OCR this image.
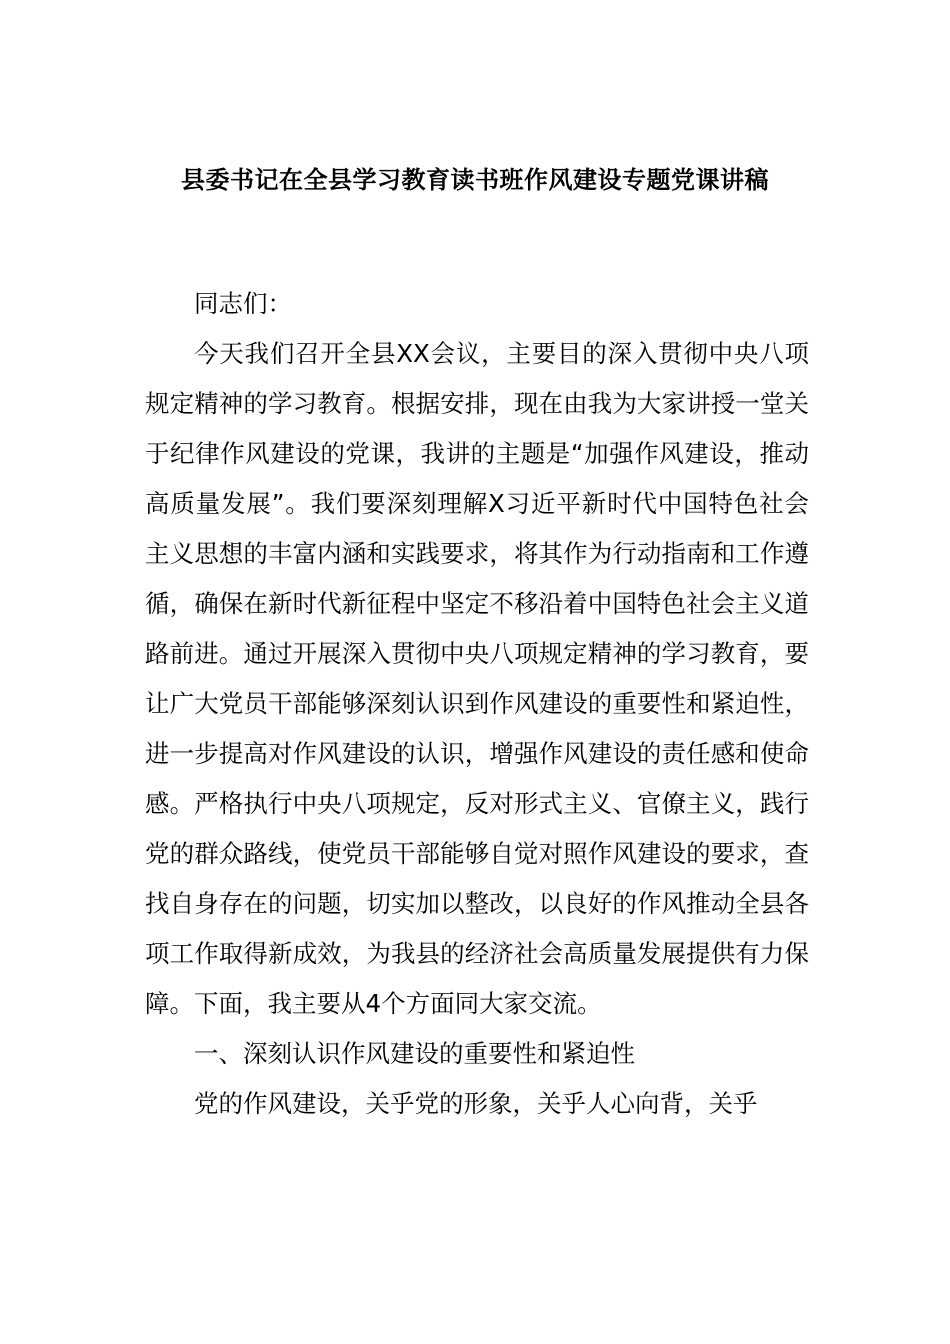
县委书记在全县学习教育读书班作风建设专题党课讲稿

同志们：

今天我们召开全县XX会议，主要目的深入贯彻中央八项规定精神的学习教育。根据安排，现在由我为大家讲授一堂关于纪律作风建设的党课，我讲的主题是“加强作风建设，推动高质量发展”。我们要深刻理解X习近平新时代中国特色社会主义思想的丰富内涵和实践要求，将其作为行动指南和工作遵循，确保在新时代新征程中坚定不移沿着中国特色社会主义道路前进。通过开展深入贯彻中央八项规定精神的学习教育，要让广大党员干部能够深刻认识到作风建设的重要性和紧迫性，进一步提高对作风建设的认识，增强作风建设的责任感和使命感。严格执行中央八项规定，反对形式主义、官僚主义，践行党的群众路线，使党员干部能够自觉对照作风建设的要求，查找自身存在的问题，切实加以整改，以良好的作风推动全县各项工作取得新成效，为我县的经济社会高质量发展提供有力保障。下面，我主要从4个方面同大家交流。

一、深刻认识作风建设的重要性和紧迫性

党的作风建设，关乎党的形象，关乎人心向背，关乎
